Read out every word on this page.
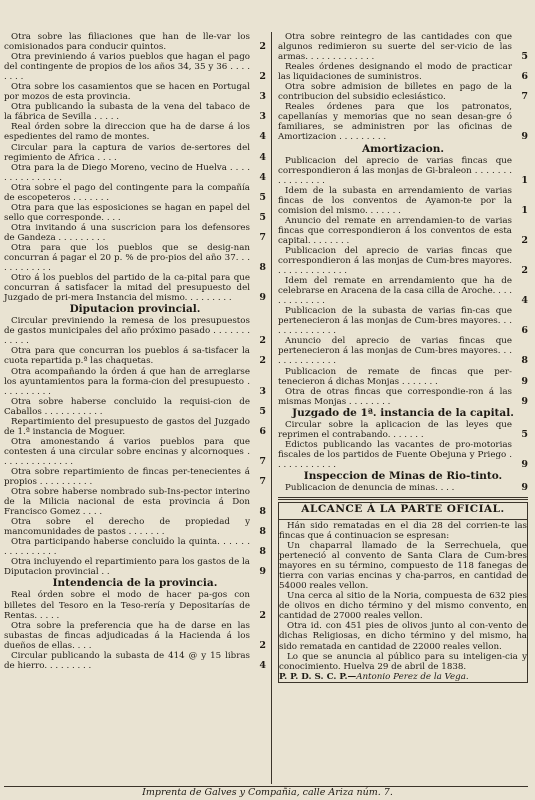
Otra sobre las filiaciones que han de lle-var los comisionados para conducir quintos.	2
Otra previniendo á varios pueblos que hagan el pago del contingente de propios de los años 34, 35 y 36 . . . . . . . .	2
Otra sobre los casamientos que se hacen en Portugal por mozos de esta provincia.	3
Otra publicando la subasta de la vena del tabaco de la fábrica de Sevilla . . . . .	3
Real órden sobre la direccion que ha de darse á los espedientes del ramo de montes.	4
Circular para la captura de varios de-sertores del regimiento de Africa . . . .	4
Otra para la de Diego Moreno, vecino de Huelva . . . . . . . . . . . . . . .	4
Otra sobre el pago del contingente para la compañía de escopeteros . . . . . . .	5
Otra para que las esposiciones se hagan en papel del sello que corresponde. . . .	5
Otra invitando á una suscricion para los defensores de Gandeza . . . . . . . . .	7
Otra para que los pueblos que se desig-nan concurran á pagar el 20 p. % de pro-pios del año 37. . . . . . . . . . . .	8
Otro á los pueblos del partido de la ca-pital para que concurran á satisfacer la mitad del presupuesto del Juzgado de pri-mera Instancia del mismo. . . . . . . . .	9
Diputacion provincial.
Circular previniendo la remesa de los presupuestos de gastos municipales del año próximo pasado . . . . . . . . . . . .	2
Otra para que concurran los pueblos á sa-tisfacer la cuota repartida p.ª las chaquetas.	2
Otra acompañando la órden á que han de arreglarse los ayuntamientos para la forma-cion del presupuesto . . . . . . . . . .	3
Otra sobre haberse concluido la requisi-cion de Caballos . . . . . . . . . . .	5
Repartimiento del presupuesto de gastos del Juzgado de 1.ª instancia de Moguer.	6
Otra amonestando á varios pueblos para que contesten á una circular sobre encinas y alcornoques . . . . . . . . . . . . . .	7
Otra sobre repartimiento de fincas per-tenecientes á propios . . . . . . . . . .	7
Otra sobre haberse nombrado sub-Ins-pector interino de la Milicia nacional de esta provincia á Don Francisco Gomez . . . .	8
Otra sobre el derecho de propiedad y mancomunidades de pastos . . . . . . .	8
Otra participando haberse concluido la quinta. . . . . . . . . . . . . . . .	8
Otra incluyendo el repartimiento para los gastos de la Diputacion provincial . .	9
Intendencia de la provincia.
Real órden sobre el modo de hacer pa-gos con billetes del Tesoro en la Teso-rería y Depositarías de Rentas. . . . .	2
Otra sobre la preferencia que ha de darse en las subastas de fincas adjudicadas á la Hacienda á los dueños de ellas. . . .	2
Circular publicando la subasta de 414 @ y 15 libras de hierro. . . . . . . . .	4
Otra sobre reintegro de las cantidades con que algunos redimieron su suerte del ser-vicio de las armas. . . . . . . . . . . . .	5
Reales órdenes designando el modo de practicar las liquidaciones de suministros.	6
Otra sobre admision de billetes en pago de la contribucion del subsidio eclesiástico.	7
Reales órdenes para que los patronatos, capellanías y memorias que no sean desan-gre ó familiares, se administren por las oficinas de Amortizacion . . . . . . . . .	9
Amortizacion.
Publicacion del aprecio de varias fincas que correspondieron á las monjas de Gi-braleon . . . . . . . . . . . . . . . .	1
Idem de la subasta en arrendamiento de varias fincas de los conventos de Ayamon-te por la comision del mismo. . . . . . .	1
Anuncio del remate en arrendamien-to de varias fincas que correspondieron á los conventos de esta capital. . . . . . . .	2
Publicacion del aprecio de varias fincas que correspondieron á las monjas de Cum-bres mayores. . . . . . . . . . . . . .	2
Idem del remate en arrendamiento que ha de celebrarse en Aracena de la casa cilla de Aroche. . . . . . . . . . . . .	4
Publicacion de la subasta de varias fin-cas que pertenecieron á las monjas de Cum-bres mayores. . . . . . . . . . . . . .	6
Anuncio del aprecio de varias fincas que pertenecieron á las monjas de Cum-bres mayores. . . . . . . . . . . . . .	8
Publicacion de remate de fincas que per-tenecieron á dichas Monjas . . . . . . .	9
Otra de otras fincas que correspondie-ron á las mismas Monjas . . . . . . . .	9
Juzgado de 1ª. instancia de la capital.
Circular sobre la aplicacion de las leyes que reprimen el contrabando. . . . . . .	5
Edictos publicando las vacantes de pro-motorias fiscales de los partidos de Fuente Obejuna y Priego . . . . . . . . . . . .	9
Inspeccion de Minas de Rio-tinto.
Publicacion de denuncia de minas. . . .	9
ALCANCE Á LA PARTE OFICIAL.
Hán sido rematadas en el dia 28 del corrien-te las fincas que á continuacion se espresan:
Un chaparral llamado de la Serrechuela, que perteneció al convento de Santa Clara de Cum-bres mayores en su término, compuesto de 118 fanegas de tierra con varias encinas y cha-parros, en cantidad de 54000 reales vellon.
Una cerca al sitio de la Noria, compuesta de 632 pies de olivos en dicho término y del mismo convento, en cantidad de 27000 reales vellon.
Otra id. con 451 pies de olivos junto al con-vento de dichas Religiosas, en dicho término y del mismo, ha sido rematada en cantidad de 22000 reales vellon.
Lo que se anuncia al público para su inteligen-cia y conocimiento. Huelva 29 de abril de 1838.
P. P. D. S. C. P.—Antonio Perez de la Vega.
Imprenta de Galves y Compañia, calle Ariza núm. 7.
